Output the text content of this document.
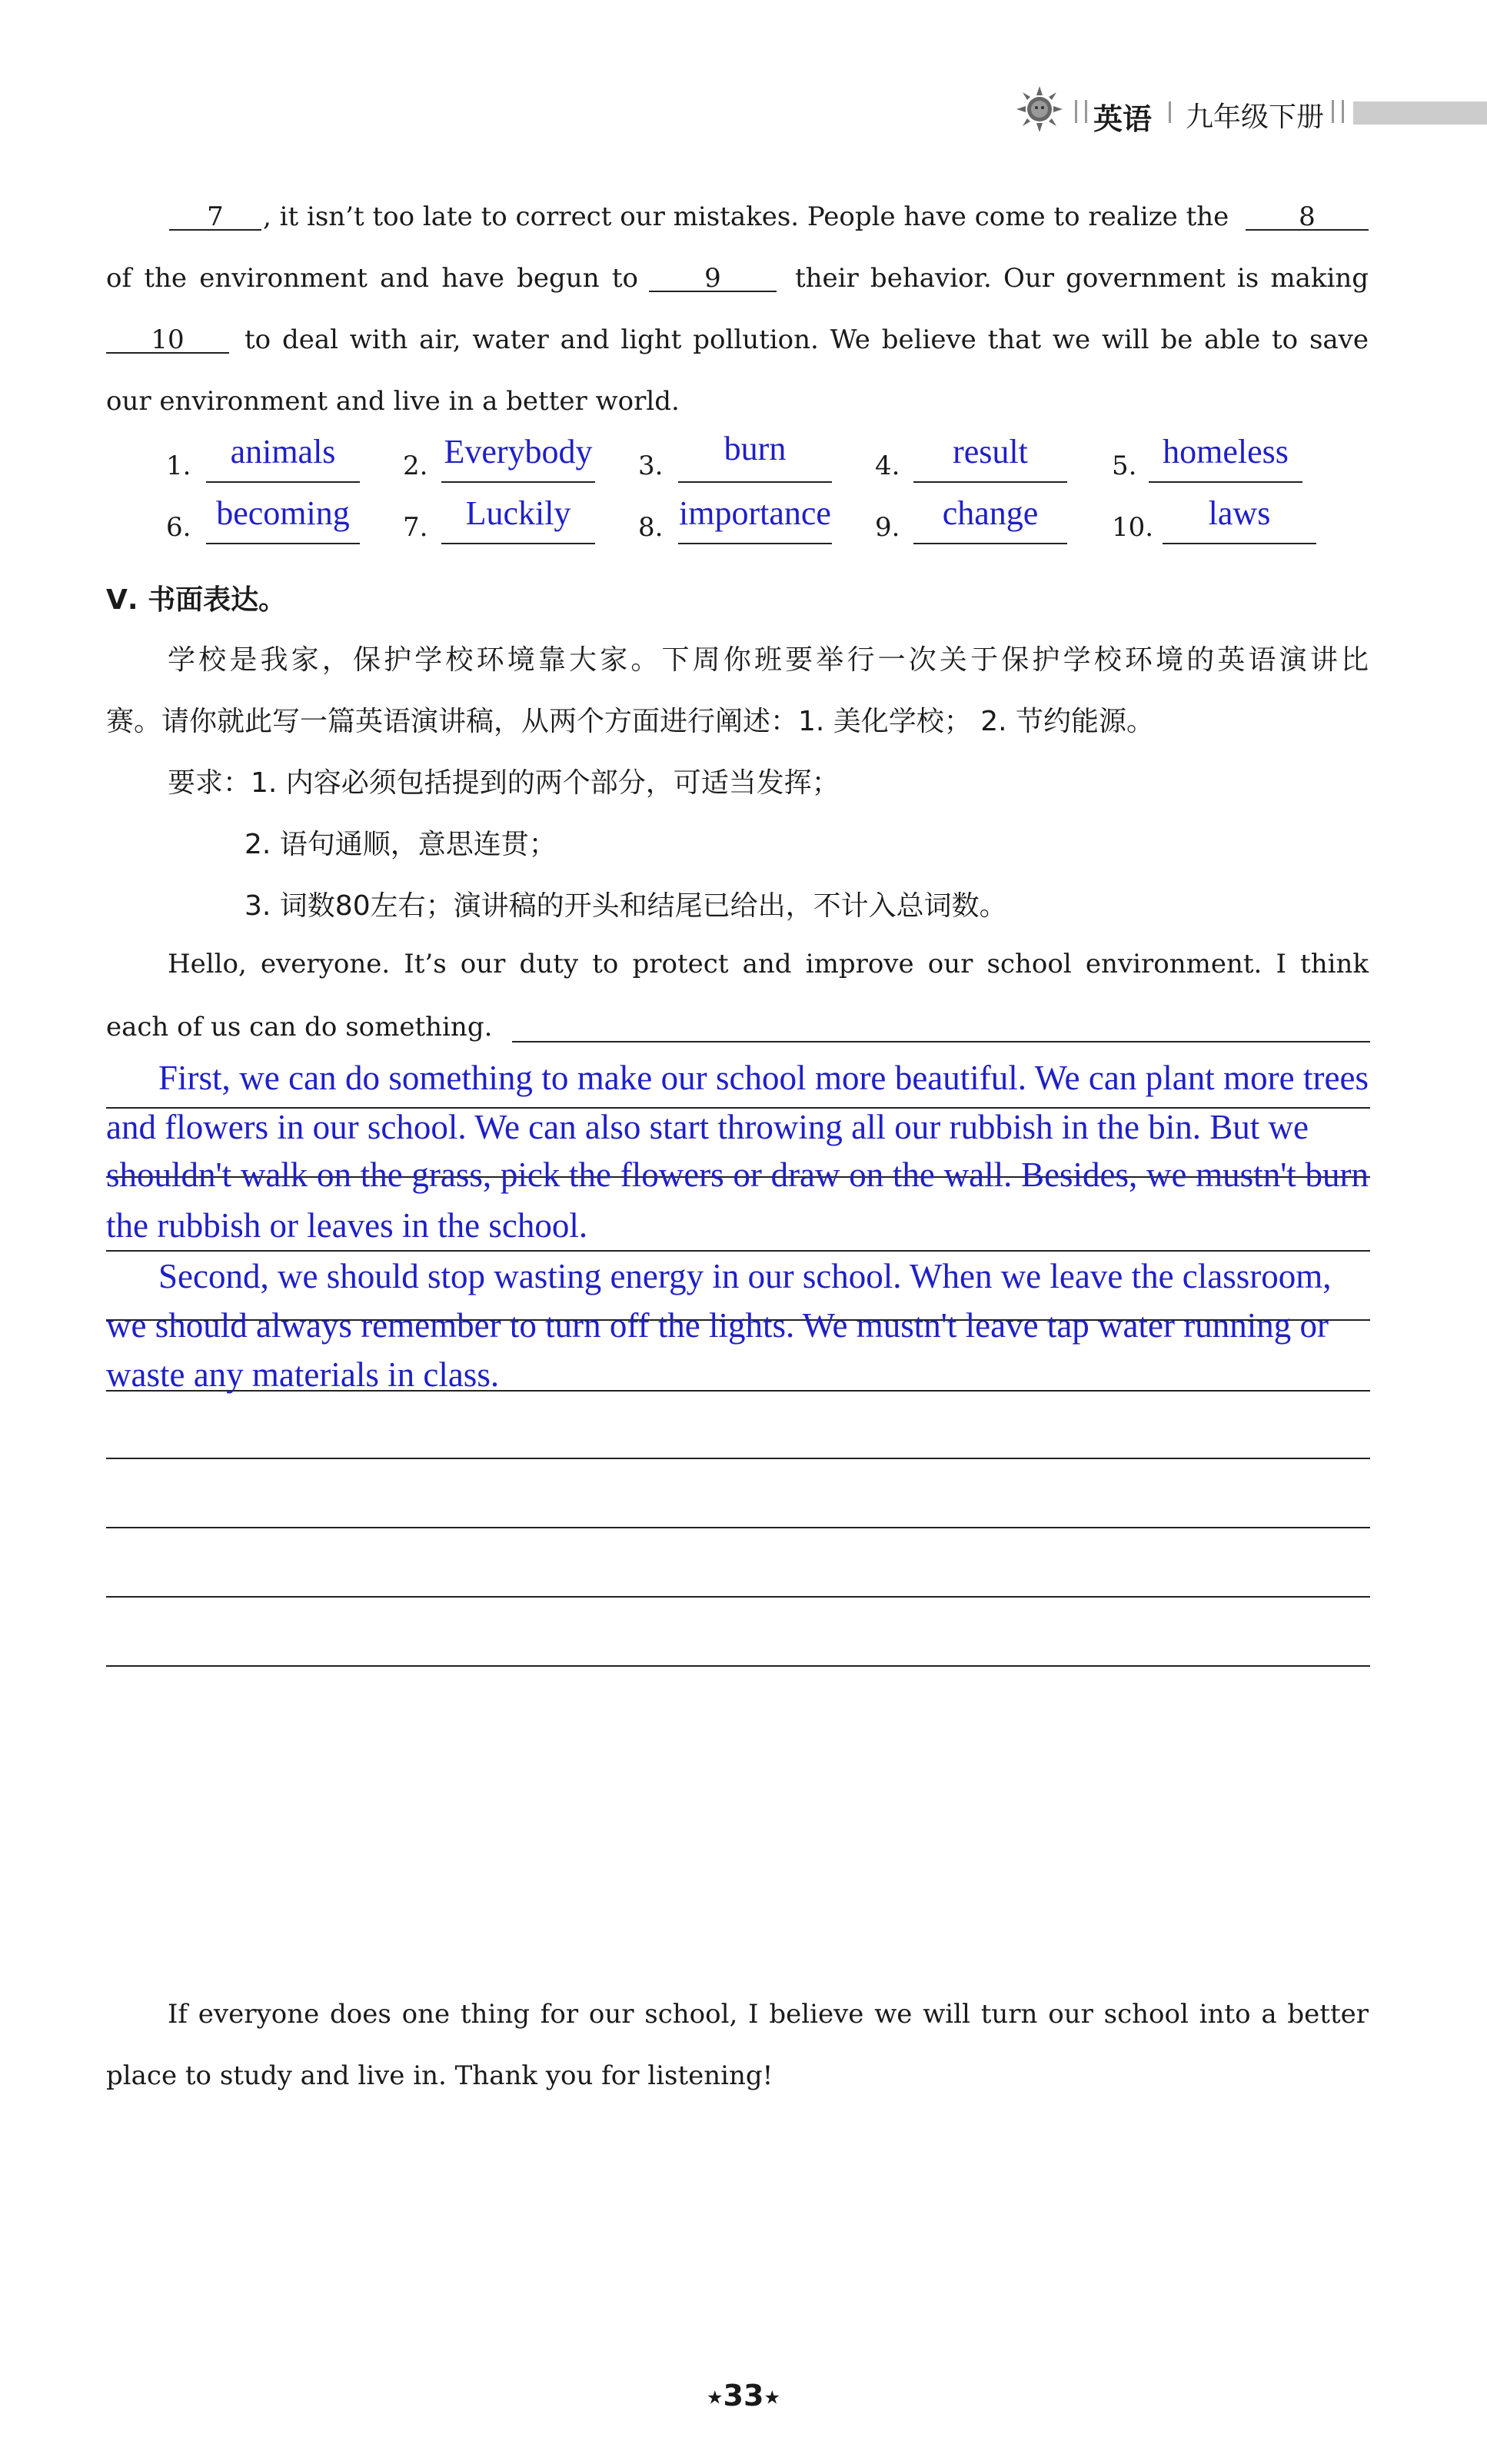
英语 九年级下册
7	, it isn’t too late to correct our mistakes. People have come to realize the	8
of the environment and have begun to	9	their behavior. Our government is making
10	to deal with air, water and light pollution. We believe that we will be able to save
our environment and live in a better world.
1.	animals	2. Everybody 3.	burn	4.	result	5. homeless
6. becoming	7.	Luckily	8. importance 9.	change	10.	laws
Ⅴ. 书面表达。
学校是我家，保护学校环境靠大家。下周你班要举行一次关于保护学校环境的英语演讲比
赛。请你就此写一篇英语演讲稿，从两个方面进行阐述：1. 美化学校； 2. 节约能源。
要求：1. 内容必须包括提到的两个部分，可适当发挥；
2. 语句通顺，意思连贯；
3. 词数80左右；演讲稿的开头和结尾已给出，不计入总词数。
Hello, everyone. It’s our duty to protect and improve our school environment. I think
each of us can do something.
First, we can do something to make our school more beautiful. We can plant more trees
and flowers in our school. We can also start throwing all our rubbish in the bin. But we
shouldn't walk on the grass, pick the flowers or draw on the wall. Besides, we mustn't burn
the rubbish or leaves in the school.
Second, we should stop wasting energy in our school. When we leave the classroom,
we should always remember to turn off the lights. We mustn't leave tap water running or
waste any materials in class.
If everyone does one thing for our school, I believe we will turn our school into a better
place to study and live in. Thank you for listening!
★33★
